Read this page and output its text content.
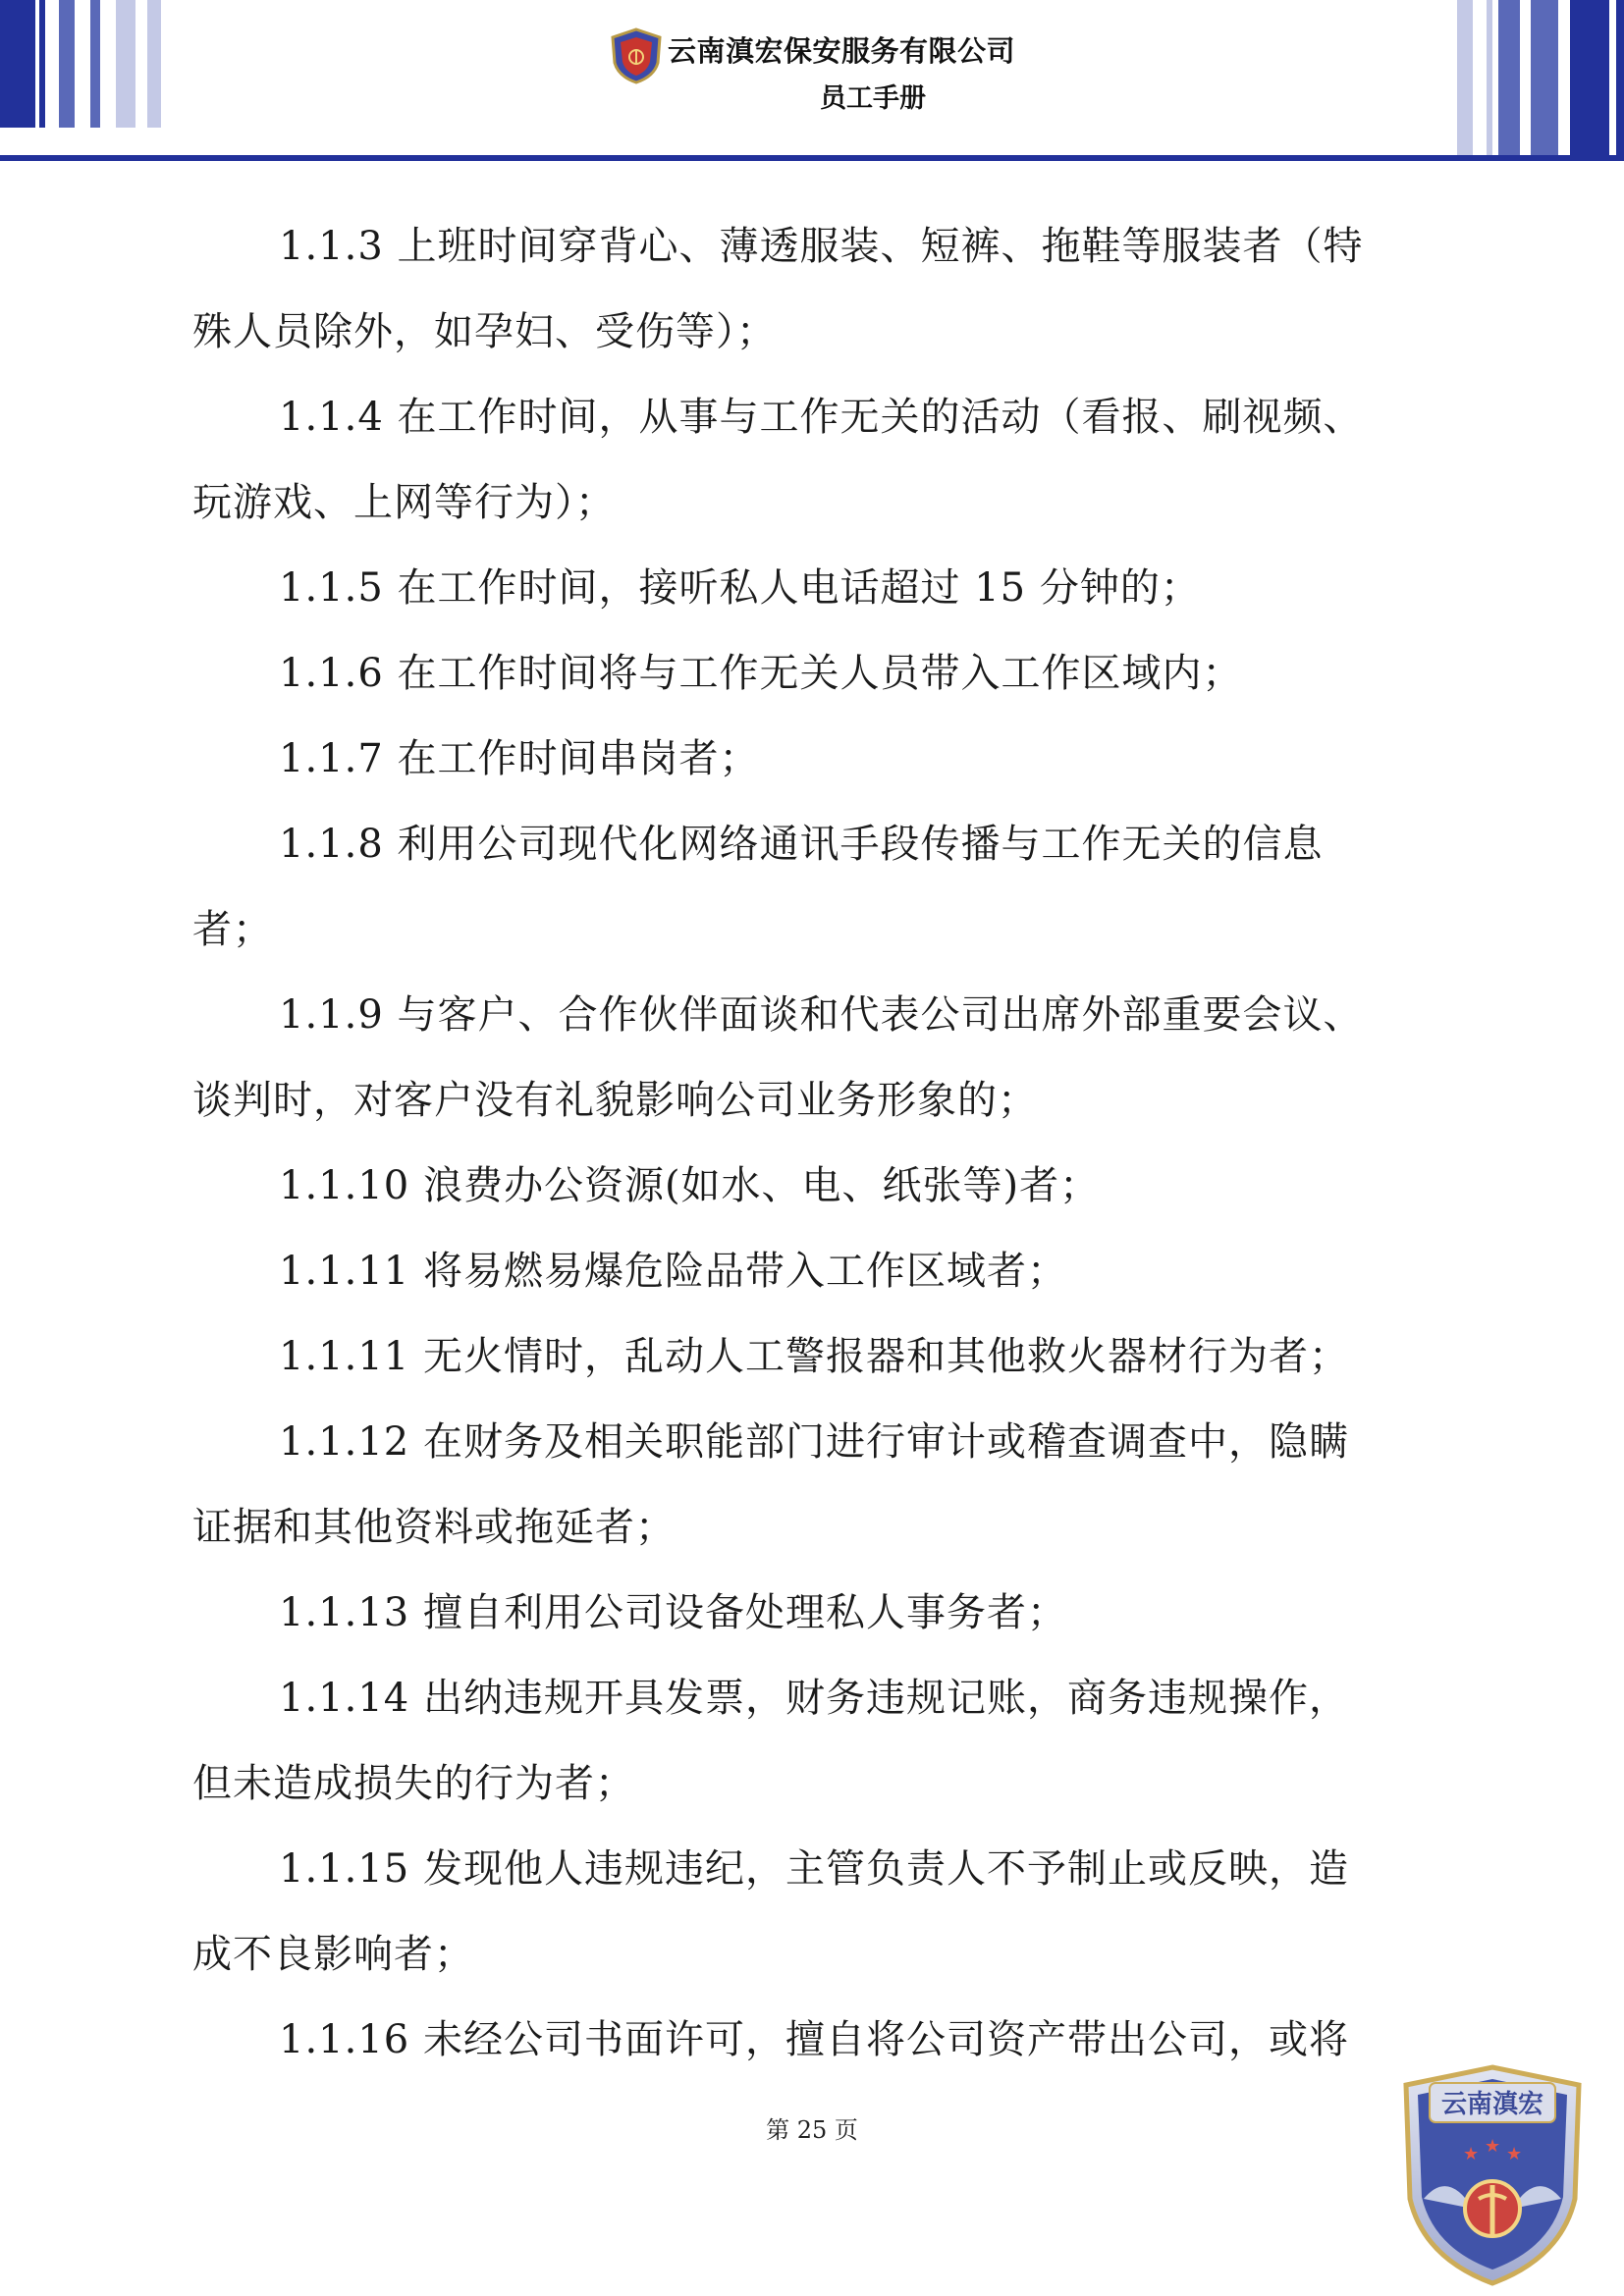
云南滇宏保安服务有限公司
员工手册

1.1.3 上班时间穿背心、薄透服装、短裤、拖鞋等服装者（特

殊人员除外，如孕妇、受伤等）；

1.1.4 在工作时间，从事与工作无关的活动（看报、刷视频、

玩游戏、上网等行为）；

1.1.5 在工作时间，接听私人电话超过 15 分钟的；

1.1.6 在工作时间将与工作无关人员带入工作区域内；

1.1.7 在工作时间串岗者；

1.1.8 利用公司现代化网络通讯手段传播与工作无关的信息

者；

1.1.9 与客户、合作伙伴面谈和代表公司出席外部重要会议、

谈判时，对客户没有礼貌影响公司业务形象的；

1.1.10 浪费办公资源(如水、电、纸张等)者；

1.1.11 将易燃易爆危险品带入工作区域者；

1.1.11 无火情时，乱动人工警报器和其他救火器材行为者；

1.1.12 在财务及相关职能部门进行审计或稽查调查中，隐瞒

证据和其他资料或拖延者；

1.1.13 擅自利用公司设备处理私人事务者；

1.1.14 出纳违规开具发票，财务违规记账，商务违规操作，

但未造成损失的行为者；

1.1.15 发现他人违规违纪，主管负责人不予制止或反映，造

成不良影响者；

1.1.16 未经公司书面许可，擅自将公司资产带出公司，或将

第 25 页
云南滇宏
★ ★ ★
